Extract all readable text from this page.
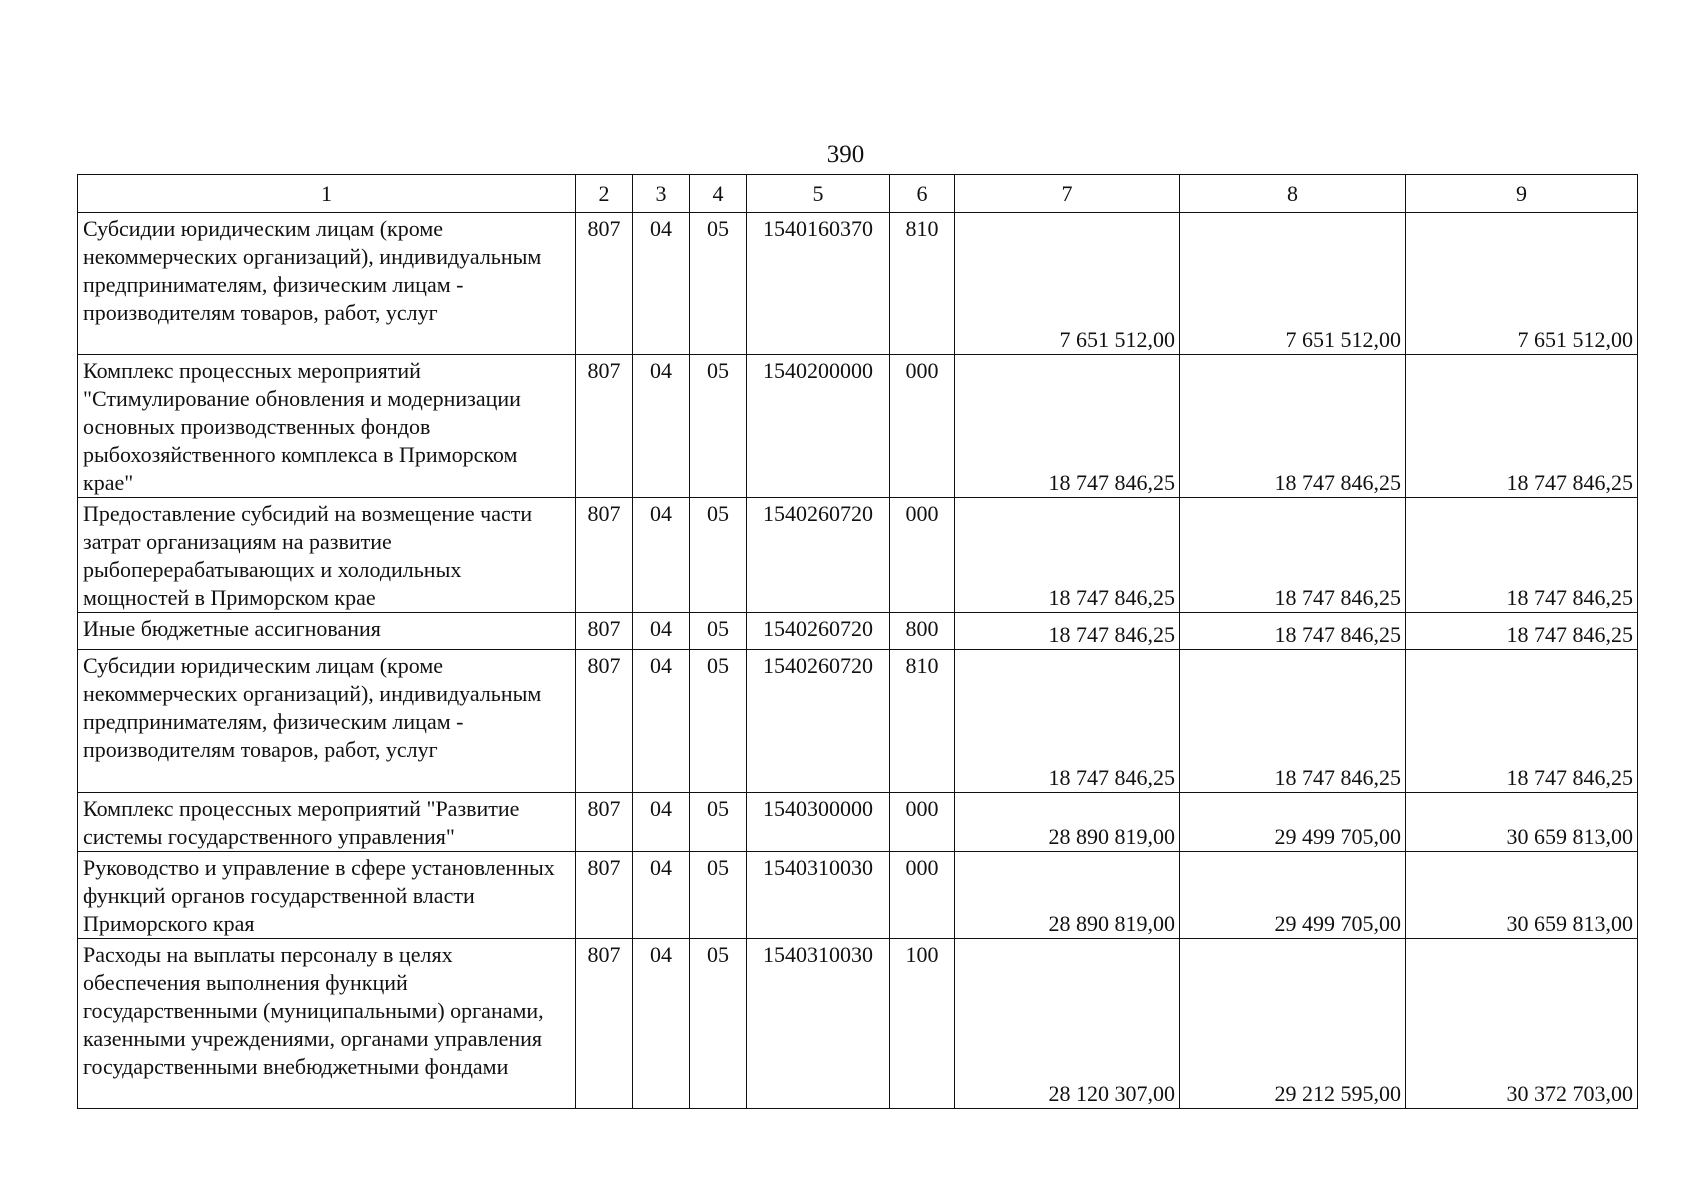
390
1	2	3	4	5	6	7	8	9
Субсидии юридическим лицам (кроме некоммерческих организаций), индивидуальным предпринимателям, физическим лицам - производителям товаров, работ, услуг	807	04	05	1540160370	810	7 651 512,00	7 651 512,00	7 651 512,00
Комплекс процессных мероприятий "Стимулирование обновления и модернизации основных производственных фондов рыбохозяйственного комплекса в Приморском крае"	807	04	05	1540200000	000	18 747 846,25	18 747 846,25	18 747 846,25
Предоставление субсидий на возмещение части затрат организациям на развитие рыбоперерабатывающих и холодильных мощностей в Приморском крае	807	04	05	1540260720	000	18 747 846,25	18 747 846,25	18 747 846,25
Иные бюджетные ассигнования	807	04	05	1540260720	800	18 747 846,25	18 747 846,25	18 747 846,25
Субсидии юридическим лицам (кроме некоммерческих организаций), индивидуальным предпринимателям, физическим лицам - производителям товаров, работ, услуг	807	04	05	1540260720	810	18 747 846,25	18 747 846,25	18 747 846,25
Комплекс процессных мероприятий "Развитие системы государственного управления"	807	04	05	1540300000	000	28 890 819,00	29 499 705,00	30 659 813,00
Руководство и управление в сфере установленных функций органов государственной власти Приморского края	807	04	05	1540310030	000	28 890 819,00	29 499 705,00	30 659 813,00
Расходы на выплаты персоналу в целях обеспечения выполнения функций государственными (муниципальными) органами, казенными учреждениями, органами управления государственными внебюджетными фондами	807	04	05	1540310030	100	28 120 307,00	29 212 595,00	30 372 703,00
